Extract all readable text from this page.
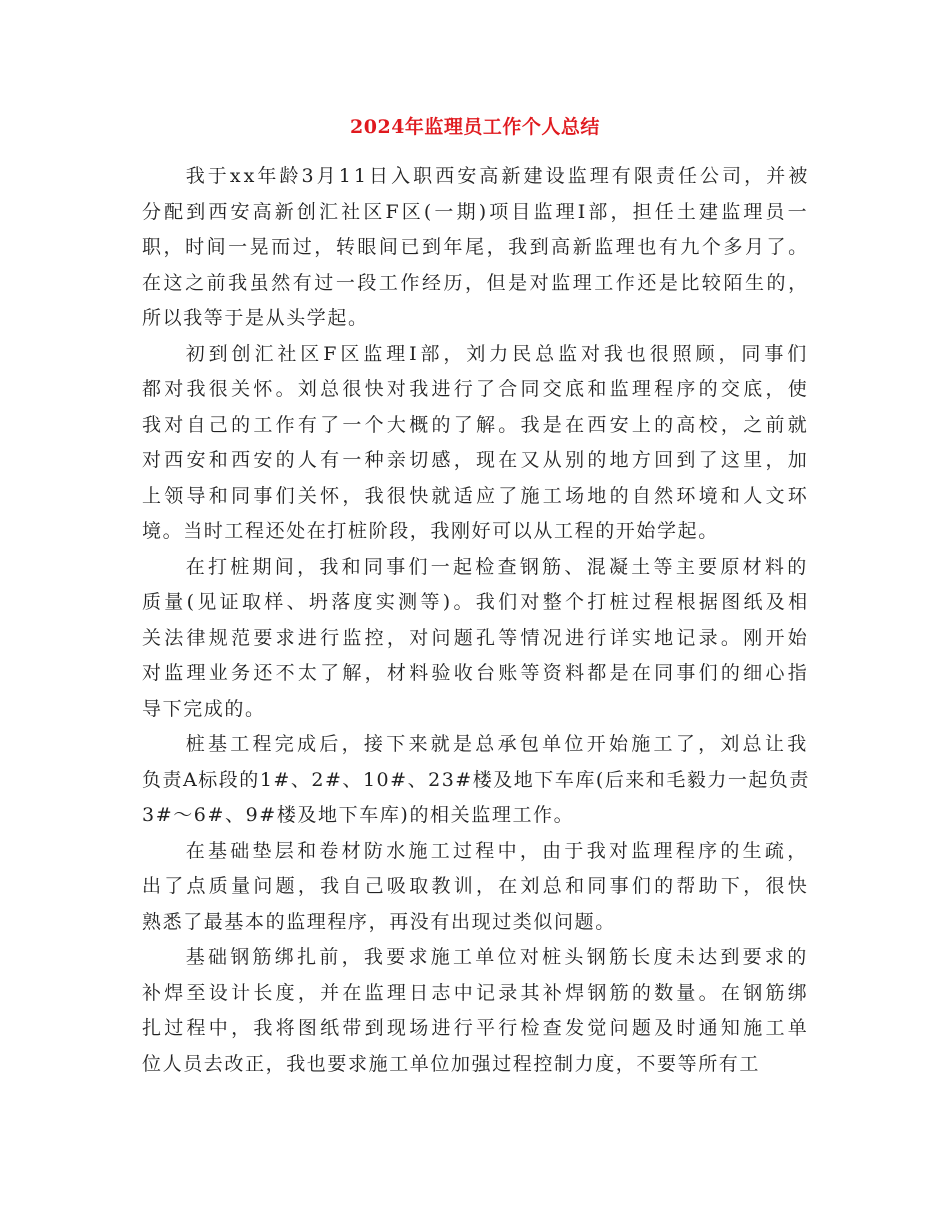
2024年监理员工作个人总结

我于xx年龄3月11日入职西安高新建设监理有限责任公司，并被
分配到西安高新创汇社区F区(一期)项目监理Ⅰ部，担任土建监理员一
职，时间一晃而过，转眼间已到年尾，我到高新监理也有九个多月了。
在这之前我虽然有过一段工作经历，但是对监理工作还是比较陌生的，
所以我等于是从头学起。

初到创汇社区F区监理Ⅰ部，刘力民总监对我也很照顾，同事们
都对我很关怀。刘总很快对我进行了合同交底和监理程序的交底，使
我对自己的工作有了一个大概的了解。我是在西安上的高校，之前就
对西安和西安的人有一种亲切感，现在又从别的地方回到了这里，加
上领导和同事们关怀，我很快就适应了施工场地的自然环境和人文环
境。当时工程还处在打桩阶段，我刚好可以从工程的开始学起。

在打桩期间，我和同事们一起检查钢筋、混凝土等主要原材料的
质量(见证取样、坍落度实测等)。我们对整个打桩过程根据图纸及相
关法律规范要求进行监控，对问题孔等情况进行详实地记录。刚开始
对监理业务还不太了解，材料验收台账等资料都是在同事们的细心指
导下完成的。

桩基工程完成后，接下来就是总承包单位开始施工了，刘总让我
负责A标段的1#、2#、10#、23#楼及地下车库(后来和毛毅力一起负责
3#～6#、9#楼及地下车库)的相关监理工作。

在基础垫层和卷材防水施工过程中，由于我对监理程序的生疏，
出了点质量问题，我自己吸取教训，在刘总和同事们的帮助下，很快
熟悉了最基本的监理程序，再没有出现过类似问题。

基础钢筋绑扎前，我要求施工单位对桩头钢筋长度未达到要求的
补焊至设计长度，并在监理日志中记录其补焊钢筋的数量。在钢筋绑
扎过程中，我将图纸带到现场进行平行检查发觉问题及时通知施工单
位人员去改正，我也要求施工单位加强过程控制力度，不要等所有工
